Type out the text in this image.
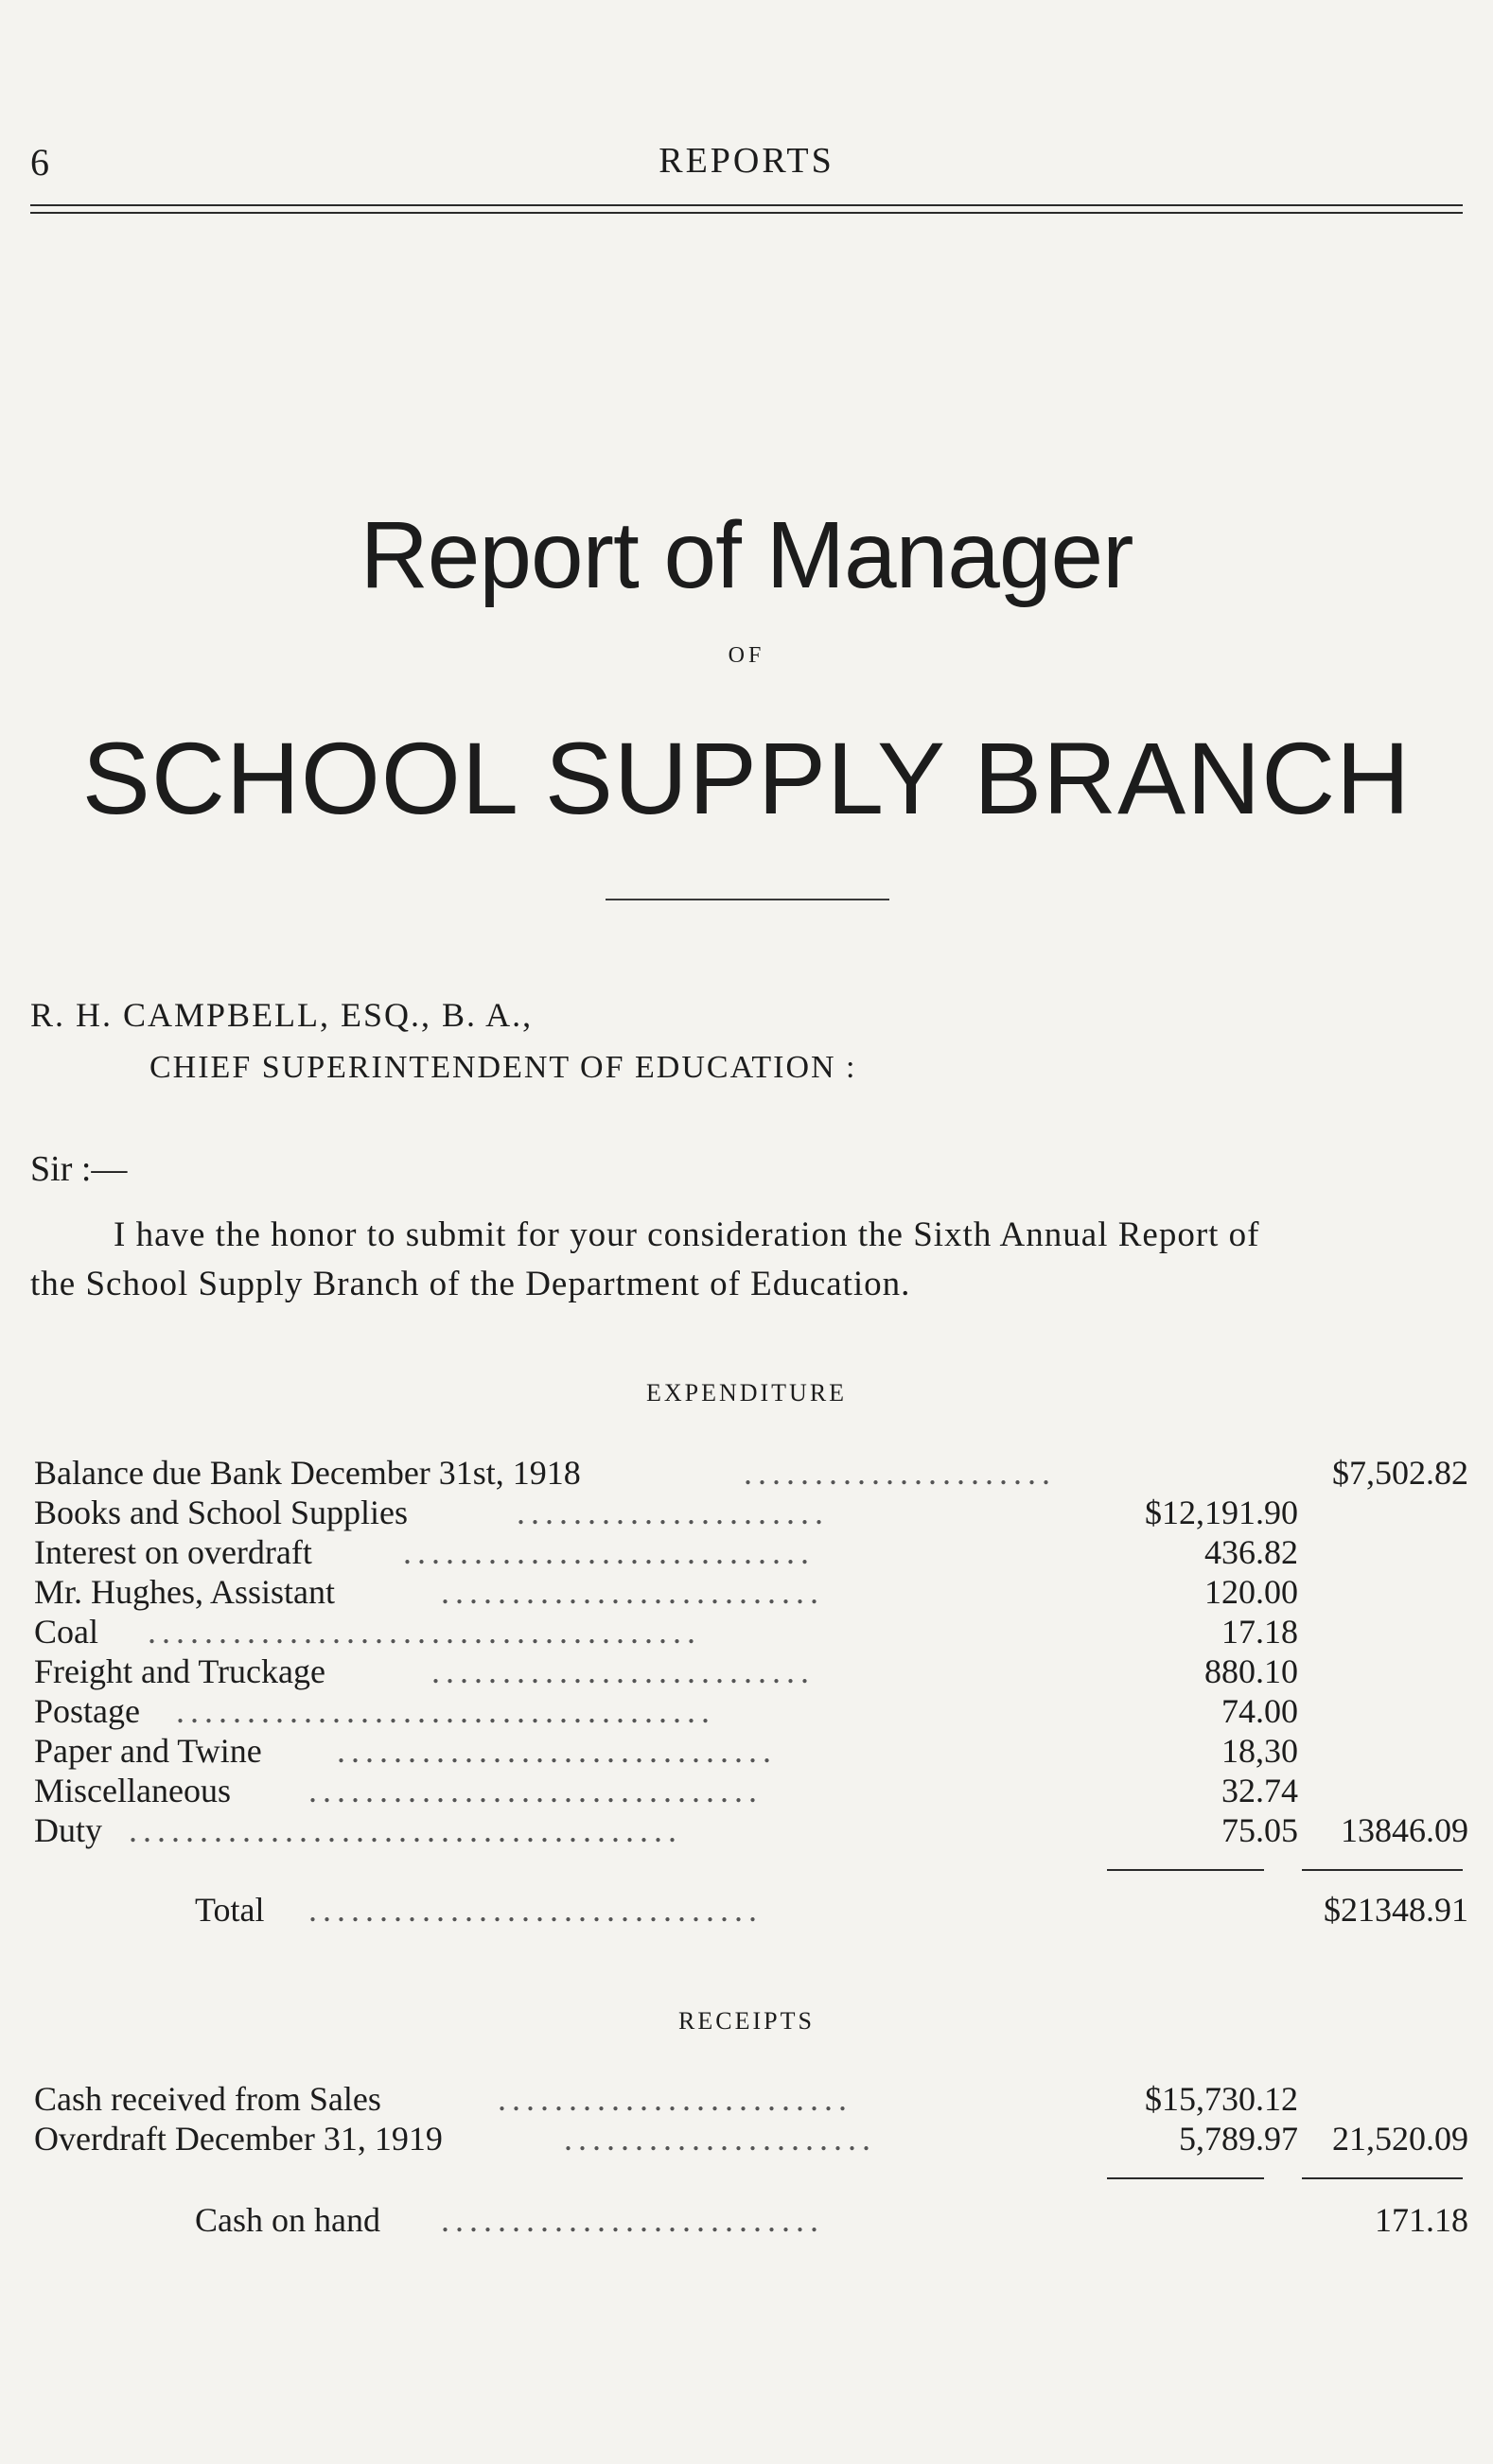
6	REPORTS
Report of Manager
OF
SCHOOL SUPPLY BRANCH
R. H. CAMPBELL, ESQ., B. A.,
CHIEF SUPERINTENDENT OF EDUCATION :
Sir :—
I have the honor to submit for your consideration the Sixth Annual Report of
the School Supply Branch of the Department of Education.
EXPENDITURE
Balance due Bank December 31st, 1918	......................	$7,502.82
Books and School Supplies	......................	$12,191.90
Interest on overdraft	.............................	436.82
Mr. Hughes, Assistant	...........................	120.00
Coal .......................................	17.18
Freight and Truckage	...........................	880.10
Postage ......................................	74.00
Paper and Twine ...............................	18,30
Miscellaneous ................................	32.74
Duty .......................................	75.05 13846.09
Total ................................	$21348.91
RECEIPTS
Cash received from Sales	.........................	$15,730.12
Overdraft December 31, 1919	......................	5,789.97 21,520.09
Cash on hand ...........................	171.18
